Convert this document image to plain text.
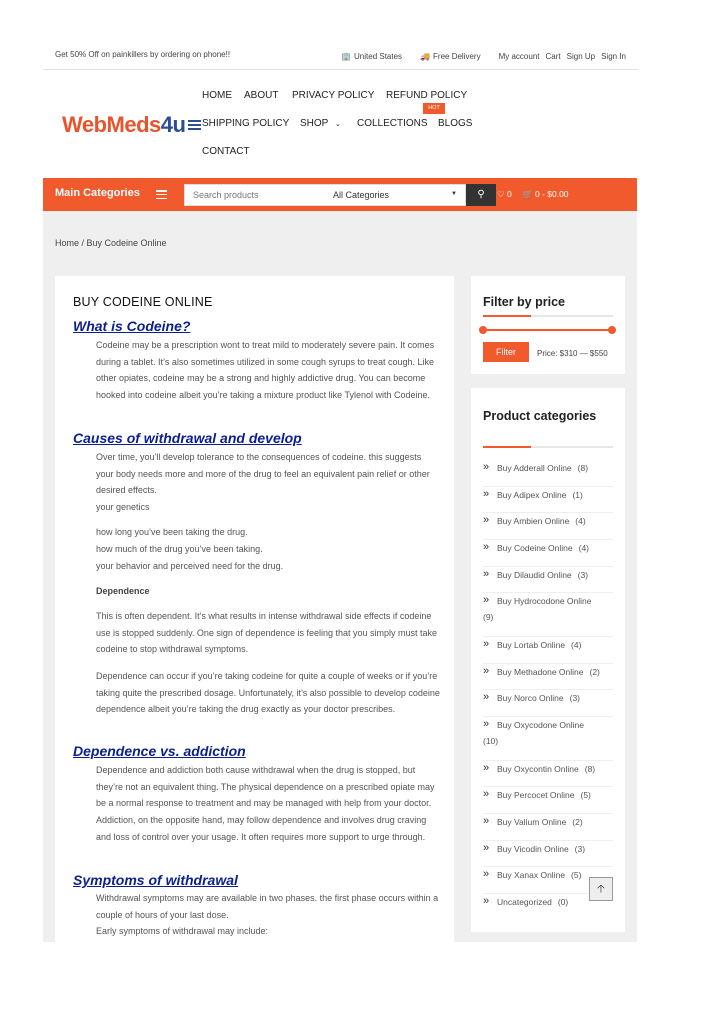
Get 50% Off on painkillers by ordering on phone!!	🏢 United States 🚚 Free Delivery My account Cart Sign Up Sign In
WebMeds 4u
HOME ABOUT PRIVACY POLICY REFUND POLICY
HOT
SHIPPING POLICY SHOP ⌄ COLLECTIONS BLOGS
CONTACT
Main Categories
Search products	All Categories	▼	⚲	♡ 0 🛒 0 - $0.00
Home / Buy Codeine Online
BUY CODEINE ONLINE
What is Codeine?

Codeine may be a prescription wont to treat mild to moderately severe pain. It comes during a tablet. It’s also sometimes utilized in some cough syrups to treat cough. Like other opiates, codeine may be a strong and highly addictive drug. You can become hooked into codeine albeit you’re taking a mixture product like Tylenol with Codeine.

Causes of withdrawal and develop

Over time, you’ll develop tolerance to the consequences of codeine. this suggests your body needs more and more of the drug to feel an equivalent pain relief or other desired effects.

your genetics

how long you’ve been taking the drug.

how much of the drug you’ve been taking.

your behavior and perceived need for the drug.

Dependence

This is often dependent. It’s what results in intense withdrawal side effects if codeine use is stopped suddenly. One sign of dependence is feeling that you simply must take codeine to stop withdrawal symptoms.

Dependence can occur if you’re taking codeine for quite a couple of weeks or if you’re taking quite the prescribed dosage. Unfortunately, it’s also possible to develop codeine dependence albeit you’re taking the drug exactly as your doctor prescribes.

Dependence vs. addiction

Dependence and addiction both cause withdrawal when the drug is stopped, but they’re not an equivalent thing. The physical dependence on a prescribed opiate may be a normal response to treatment and may be managed with help from your doctor. Addiction, on the opposite hand, may follow dependence and involves drug craving and loss of control over your usage. It often requires more support to urge through.

Symptoms of withdrawal

Withdrawal symptoms may are available in two phases. the first phase occurs within a couple of hours of your last dose.

Early symptoms of withdrawal may include:

Filter by price
Filter	Price: $310 — $550
Product categories
» Buy Adderall Online (8)
» Buy Adipex Online (1)
» Buy Ambien Online (4)
» Buy Codeine Online (4)
» Buy Dilaudid Online (3)
» Buy Hydrocodone Online
(9)
» Buy Lortab Online (4)
» Buy Methadone Online (2)
» Buy Norco Online (3)
» Buy Oxycodone Online
(10)
» Buy Oxycontin Online (8)
» Buy Percocet Online (5)
» Buy Valium Online (2)
» Buy Vicodin Online (3)
» Buy Xanax Online (5)
» Uncategorized (0)
🡡
